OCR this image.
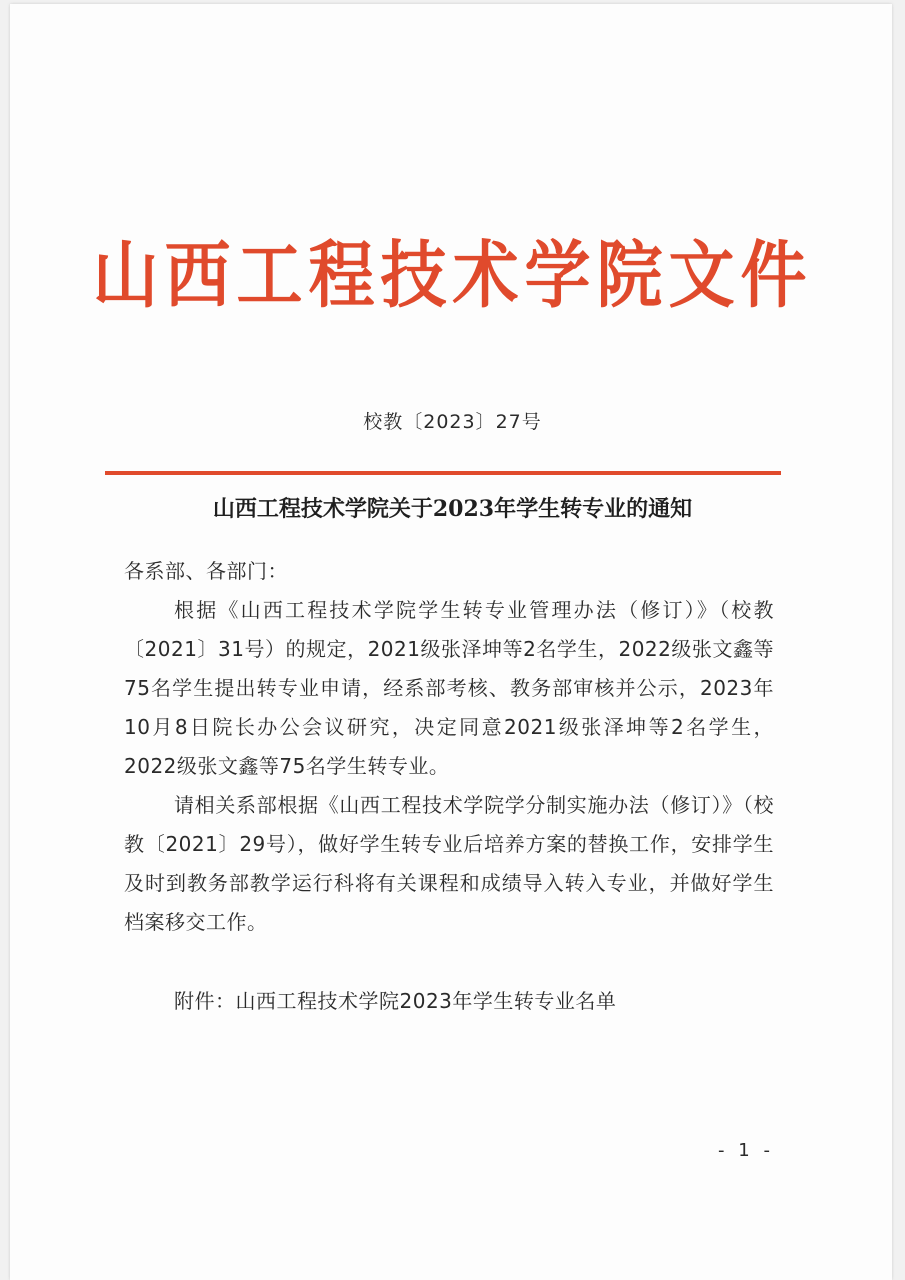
山西工程技术学院文件
校教〔2023〕27号
山西工程技术学院关于2023年学生转专业的通知
各系部、各部门：
根据《山西工程技术学院学生转专业管理办法（修订）》（校教〔2021〕31号）的规定，2021级张泽坤等2名学生，2022级张文鑫等75名学生提出转专业申请，经系部考核、教务部审核并公示，2023年10月8日院长办公会议研究，决定同意2021级张泽坤等2名学生，2022级张文鑫等75名学生转专业。
请相关系部根据《山西工程技术学院学分制实施办法（修订）》（校教〔2021〕29号），做好学生转专业后培养方案的替换工作，安排学生及时到教务部教学运行科将有关课程和成绩导入转入专业，并做好学生档案移交工作。
附件：山西工程技术学院2023年学生转专业名单
- 1 -
